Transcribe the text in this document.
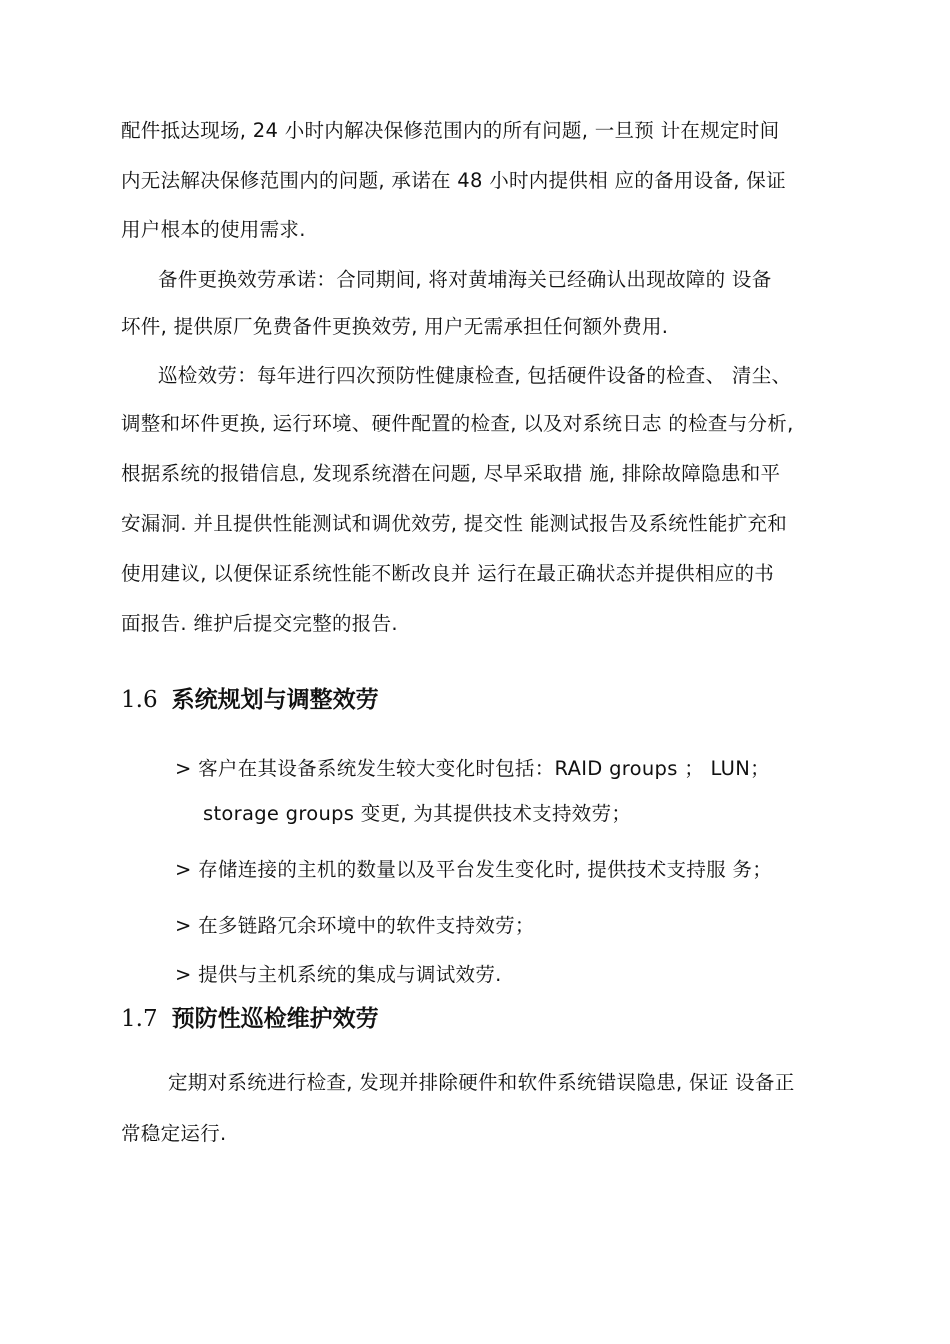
配件抵达现场, 24 小时内解决保修范围内的所有问题, 一旦预 计在规定时间
内无法解决保修范围内的问题, 承诺在 48 小时内提供相 应的备用设备, 保证
用户根本的使用需求.
备件更换效劳承诺：合同期间, 将对黄埔海关已经确认出现故障的 设备
坏件, 提供原厂免费备件更换效劳, 用户无需承担任何额外费用.
巡检效劳：每年进行四次预防性健康检查, 包括硬件设备的检查、 清尘、
调整和坏件更换, 运行环境、硬件配置的检查, 以及对系统日志 的检查与分析,
根据系统的报错信息, 发现系统潜在问题, 尽早采取措 施, 排除故障隐患和平
安漏洞. 并且提供性能测试和调优效劳, 提交性 能测试报告及系统性能扩充和
使用建议, 以便保证系统性能不断改良并 运行在最正确状态并提供相应的书
面报告. 维护后提交完整的报告.
1.6 系统规划与调整效劳
> 客户在其设备系统发生较大变化时包括：RAID groups ； LUN；
storage groups 变更, 为其提供技术支持效劳；
> 存储连接的主机的数量以及平台发生变化时, 提供技术支持服 务；
> 在多链路冗余环境中的软件支持效劳；
> 提供与主机系统的集成与调试效劳.
1.7 预防性巡检维护效劳
定期对系统进行检查, 发现并排除硬件和软件系统错误隐患, 保证 设备正
常稳定运行.
